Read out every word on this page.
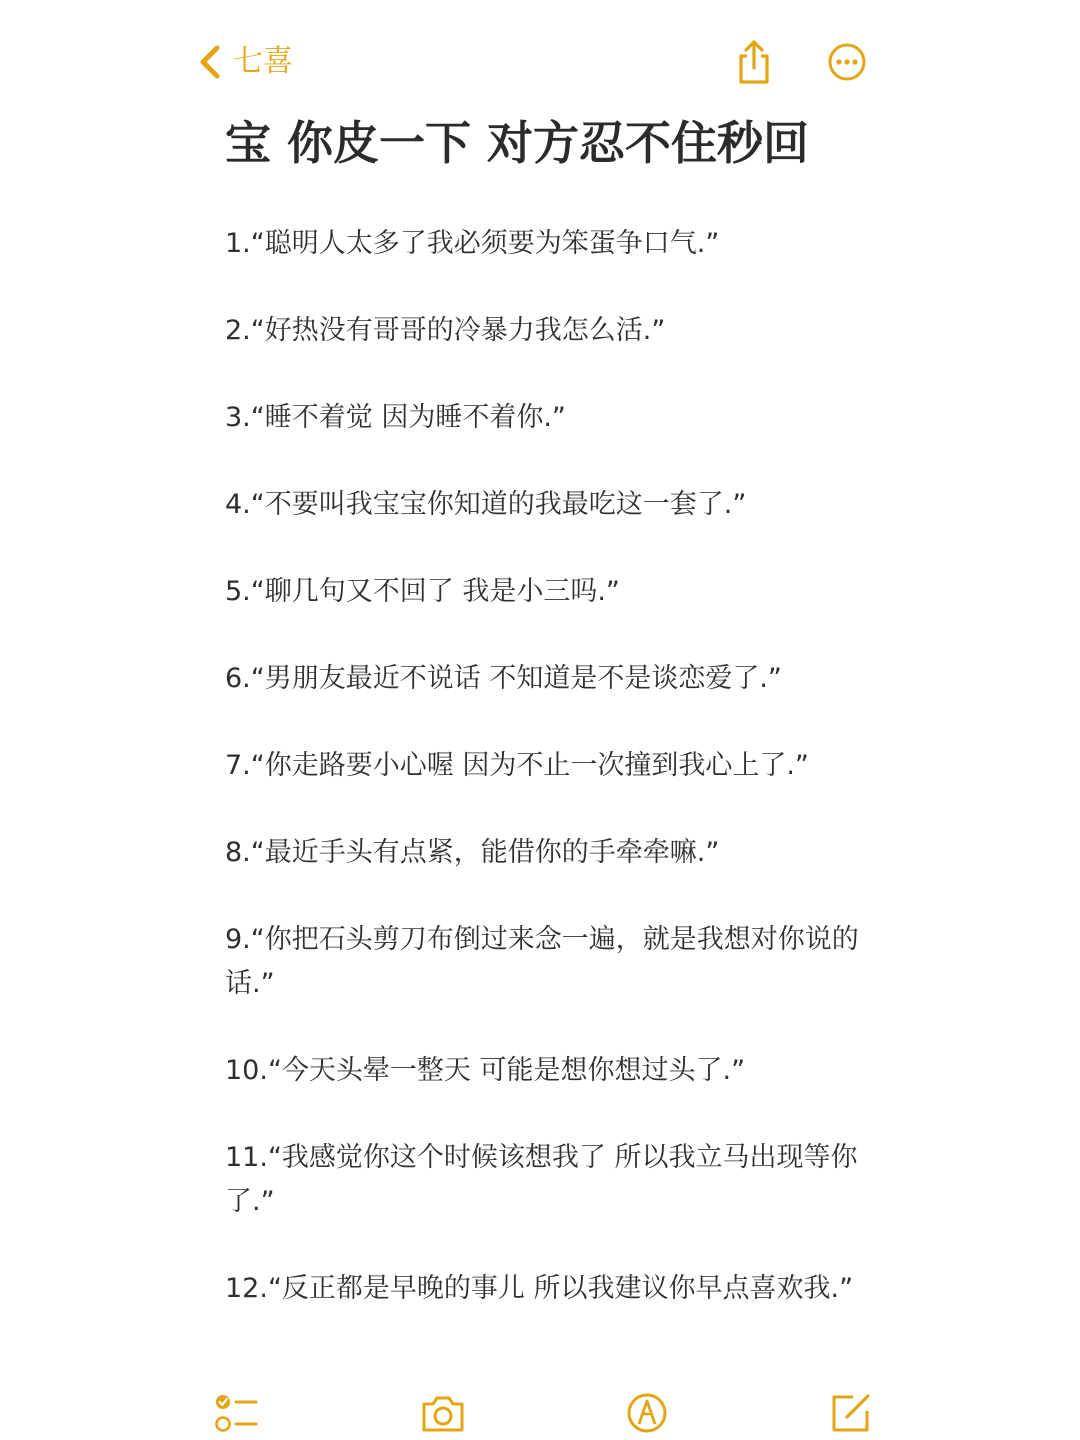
七喜
宝 你皮一下 对方忍不住秒回
1.“聪明人太多了我必须要为笨蛋争口气.”
2.“好热没有哥哥的冷暴力我怎么活.”
3.“睡不着觉 因为睡不着你.”
4.“不要叫我宝宝你知道的我最吃这一套了.”
5.“聊几句又不回了 我是小三吗.”
6.“男朋友最近不说话 不知道是不是谈恋爱了.”
7.“你走路要小心喔 因为不止一次撞到我心上了.”
8.“最近手头有点紧，能借你的手牵牵嘛.”
9.“你把石头剪刀布倒过来念一遍，就是我想对你说的话.”
10.“今天头晕一整天 可能是想你想过头了.”
11.“我感觉你这个时候该想我了 所以我立马出现等你了.”
12.“反正都是早晚的事儿 所以我建议你早点喜欢我.”
